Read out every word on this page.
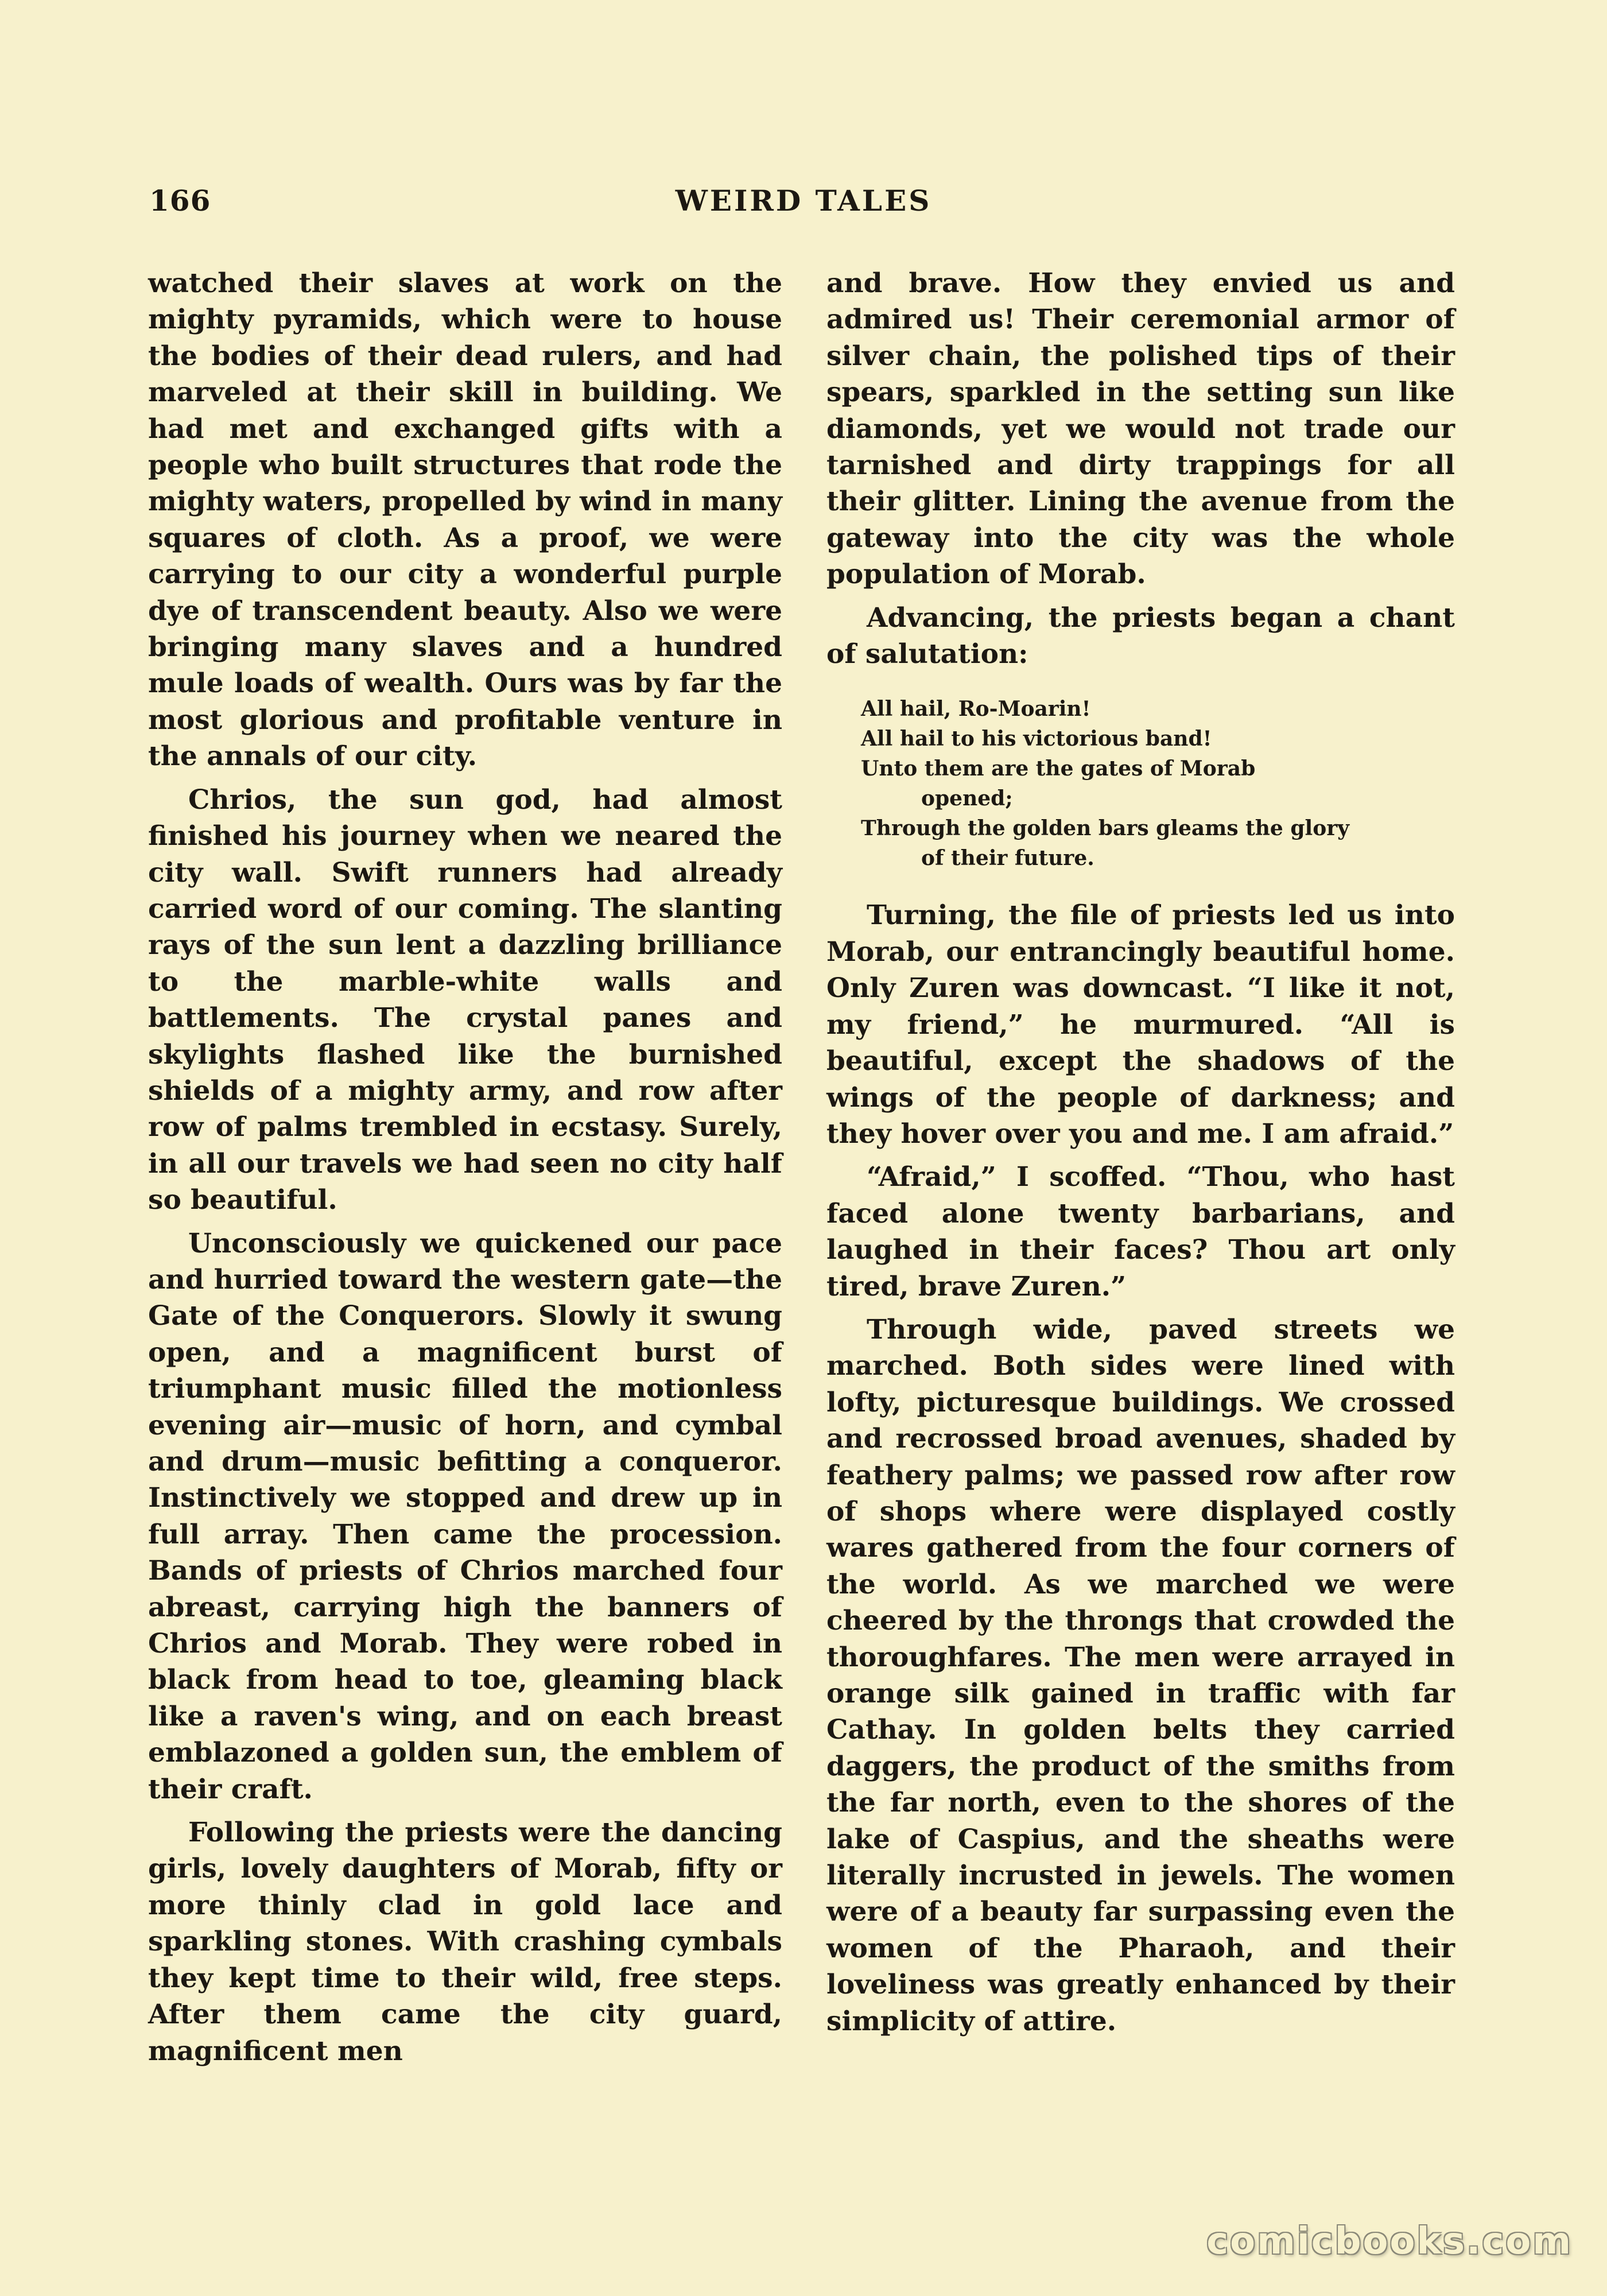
166	WEIRD TALES

watched their slaves at work on the mighty pyramids, which were to house the bodies of their dead rulers, and had marveled at their skill in building. We had met and exchanged gifts with a people who built structures that rode the mighty waters, propelled by wind in many squares of cloth. As a proof, we were carrying to our city a wonderful purple dye of transcendent beauty. Also we were bringing many slaves and a hundred mule loads of wealth. Ours was by far the most glorious and profitable venture in the annals of our city.

Chrios, the sun god, had almost finished his journey when we neared the city wall. Swift runners had already carried word of our coming. The slanting rays of the sun lent a dazzling brilliance to the marble-white walls and battlements. The crystal panes and skylights flashed like the burnished shields of a mighty army, and row after row of palms trembled in ecstasy. Surely, in all our travels we had seen no city half so beautiful.

Unconsciously we quickened our pace and hurried toward the western gate—the Gate of the Conquerors. Slowly it swung open, and a magnificent burst of triumphant music filled the motionless evening air—music of horn, and cymbal and drum—music befitting a conqueror. Instinctively we stopped and drew up in full array. Then came the procession. Bands of priests of Chrios marched four abreast, carrying high the banners of Chrios and Morab. They were robed in black from head to toe, gleaming black like a raven's wing, and on each breast emblazoned a golden sun, the emblem of their craft.

Following the priests were the dancing girls, lovely daughters of Morab, fifty or more thinly clad in gold lace and sparkling stones. With crashing cymbals they kept time to their wild, free steps. After them came the city guard, magnificent men

and brave. How they envied us and admired us! Their ceremonial armor of silver chain, the polished tips of their spears, sparkled in the setting sun like diamonds, yet we would not trade our tarnished and dirty trappings for all their glitter. Lining the avenue from the gateway into the city was the whole population of Morab.

Advancing, the priests began a chant of salutation:

All hail, Ro-Moarin!
All hail to his victorious band!
Unto them are the gates of Morab
opened;
Through the golden bars gleams the glory
of their future.

Turning, the file of priests led us into Morab, our entrancingly beautiful home. Only Zuren was downcast. “I like it not, my friend,” he murmured. “All is beautiful, except the shadows of the wings of the people of darkness; and they hover over you and me. I am afraid.”

“Afraid,” I scoffed. “Thou, who hast faced alone twenty barbarians, and laughed in their faces? Thou art only tired, brave Zuren.”

Through wide, paved streets we marched. Both sides were lined with lofty, picturesque buildings. We crossed and recrossed broad avenues, shaded by feathery palms; we passed row after row of shops where were displayed costly wares gathered from the four corners of the world. As we marched we were cheered by the throngs that crowded the thoroughfares. The men were arrayed in orange silk gained in traffic with far Cathay. In golden belts they carried daggers, the product of the smiths from the far north, even to the shores of the lake of Caspius, and the sheaths were literally incrusted in jewels. The women were of a beauty far surpassing even the women of the Pharaoh, and their loveliness was greatly enhanced by their simplicity of attire.

comicbooks.com
